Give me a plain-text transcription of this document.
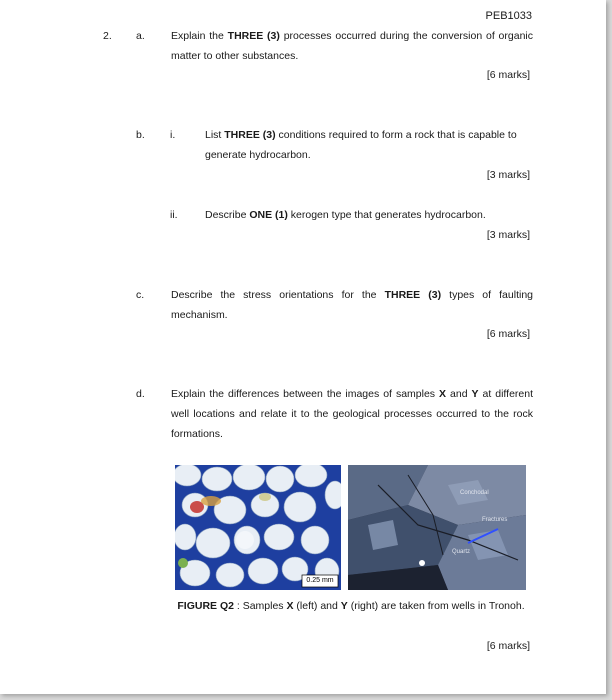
PEB1033
2. a. Explain the THREE (3) processes occurred during the conversion of organic matter to other substances.
[6 marks]
b. i.	List THREE (3) conditions required to form a rock that is capable to generate hydrocarbon.
[3 marks]
ii.	Describe ONE (1) kerogen type that generates hydrocarbon.
[3 marks]
c.	Describe the stress orientations for the THREE (3) types of faulting mechanism.
[6 marks]
d. Explain the differences between the images of samples X and Y at different well locations and relate it to the geological processes occurred to the rock formations.
0.25 mm
Conchodal
Fractures
Quartz
FIGURE Q2 : Samples X (left) and Y (right) are taken from wells in Tronoh.
[6 marks]
